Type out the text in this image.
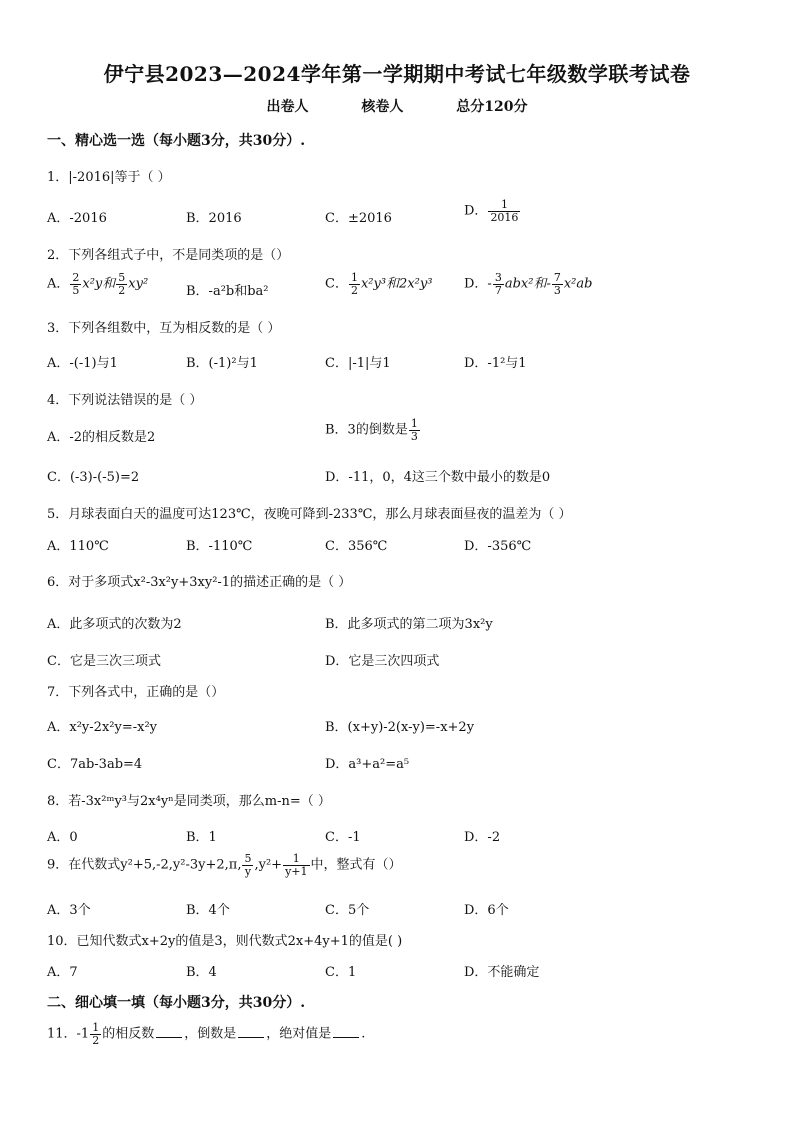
伊宁县2023—2024学年第一学期期中考试七年级数学联考试卷
出卷人	核卷人	总分120分
一、精心选一选（每小题3分，共30分）.
1．|-2016|等于（ ）
A．-2016	B．2016	C．±2016	D． $\frac{1}{2016}$
2．下列各组式子中，不是同类项的是（）
A． $\frac{2}{5} x^2y$和 $\frac{5}{2} xy^2$	B．-a²b和ba²	C． $\frac{1}{2} x^2y^3$和2x²y³ D．- $\frac{3}{7} abx^2$和- $\frac{7}{3} x^2ab$
3．下列各组数中，互为相反数的是（ ）
A．-(-1)与1	B．(-1)²与1	C．|-1|与1	D．-1²与1
4．下列说法错误的是（ ）
A．-2的相反数是2	B．3的倒数是 $\frac{1}{3}$
C．(-3)-(-5)=2	D．-11，0，4这三个数中最小的数是0
5．月球表面白天的温度可达123℃，夜晚可降到-233℃，那么月球表面昼夜的温差为（ ）
A．110℃	B．-110℃	C．356℃	D．-356℃
6．对于多项式x²-3x²y+3xy²-1的描述正确的是（ ）
A．此多项式的次数为2	B．此多项式的第二项为3x²y
C．它是三次三项式	D．它是三次四项式
7．下列各式中，正确的是（）
A．x²y-2x²y=-x²y	B．(x+y)-2(x-y)=-x+2y
C．7ab-3ab=4	D．a³+a²=a⁵
8．若-3x²ᵐy³与2x⁴yⁿ是同类项，那么m-n=（ ）
A．0	B．1	C．-1	D．-2
9．在代数式y²+5,-2,y²-3y+2,π, $\frac{5}{y} ,y^2+ \frac{1}{y+1}$ 中，整式有（）
A．3个	B．4个	C．5个	D．6个
10．已知代数式x+2y的值是3，则代数式2x+4y+1的值是( )
A．7	B．4	C．1	D．不能确定
二、细心填一填（每小题3分，共30分）.
11．$-1 \frac{1}{2}$ 的相反数 ，倒数是 ，绝对值是 .
